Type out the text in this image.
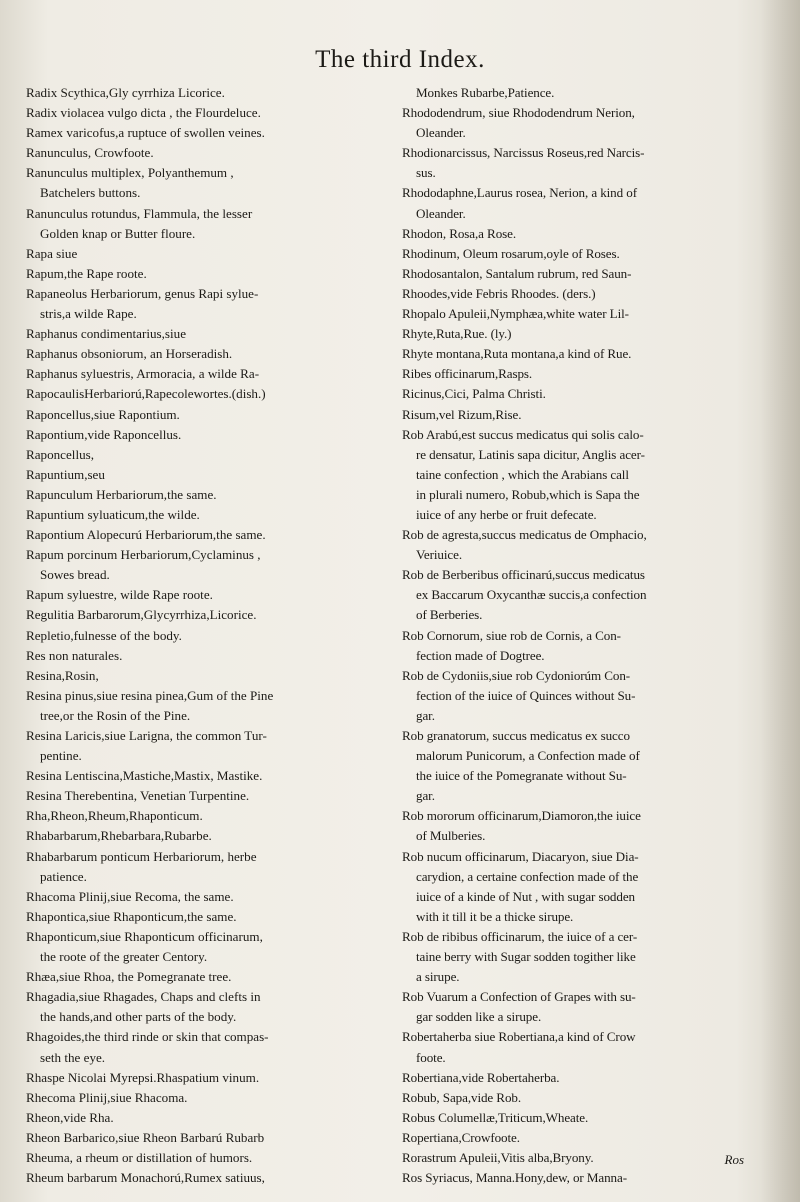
The third Index.
Radix Scythica,Gly cyrrhiza Licorice.
Radix violacea vulgo dicta , the Flourdeluce.
Ramex varicofus,a ruptuce of swollen veines.
Ranunculus, Crowfoote.
Ranunculus multiplex, Polyanthemum ,
Batchelers buttons.
Ranunculus rotundus, Flammula, the lesser
Golden knap or Butter floure.
Rapa siue
Rapum,the Rape roote.
Rapaneolus Herbariorum, genus Rapi sylue-
stris,a wilde Rape.
Raphanus condimentarius,siue
Raphanus obsoniorum, an Horseradish.
Raphanus syluestris, Armoracia, a wilde Ra-
RapocaulisHerbariorú,Rapecolewortes.(dish.)
Raponcellus,siue Rapontium.
Rapontium,vide Raponcellus.
Raponcellus,
Rapuntium,seu
Rapunculum Herbariorum,the same.
Rapuntium syluaticum,the wilde.
Rapontium Alopecurú Herbariorum,the same.
Rapum porcinum Herbariorum,Cyclaminus ,
Sowes bread.
Rapum syluestre, wilde Rape roote.
Regulitia Barbarorum,Glycyrrhiza,Licorice.
Repletio,fulnesse of the body.
Res non naturales.
Resina,Rosin,
Resina pinus,siue resina pinea,Gum of the Pine
tree,or the Rosin of the Pine.
Resina Laricis,siue Larigna, the common Tur-
pentine.
Resina Lentiscina,Mastiche,Mastix, Mastike.
Resina Therebentina, Venetian Turpentine.
Rha,Rheon,Rheum,Rhaponticum.
Rhabarbarum,Rhebarbara,Rubarbe.
Rhabarbarum ponticum Herbariorum, herbe
patience.
Rhacoma Plinij,siue Recoma, the same.
Rhapontica,siue Rhaponticum,the same.
Rhaponticum,siue Rhaponticum officinarum,
the roote of the greater Centory.
Rhæa,siue Rhoa, the Pomegranate tree.
Rhagadia,siue Rhagades, Chaps and clefts in
the hands,and other parts of the body.
Rhagoides,the third rinde or skin that compas-
seth the eye.
Rhaspe Nicolai Myrepsi.Rhaspatium vinum.
Rhecoma Plinij,siue Rhacoma.
Rheon,vide Rha.
Rheon Barbarico,siue Rheon Barbarú Rubarb
Rheuma, a rheum or distillation of humors.
Rheum barbarum Monachorú,Rumex satiuus,
Monkes Rubarbe,Patience.
Rhododendrum, siue Rhododendrum Nerion,
Oleander.
Rhodionarcissus, Narcissus Roseus,red Narcis-
sus.
Rhododaphne,Laurus rosea, Nerion, a kind of
Oleander.
Rhodon, Rosa,a Rose.
Rhodinum, Oleum rosarum,oyle of Roses.
Rhodosantalon, Santalum rubrum, red Saun-
Rhoodes,vide Febris Rhoodes. (ders.)
Rhopalo Apuleii,Nymphæa,white water Lil-
Rhyte,Ruta,Rue. (ly.)
Rhyte montana,Ruta montana,a kind of Rue.
Ribes officinarum,Rasps.
Ricinus,Cici, Palma Christi.
Risum,vel Rizum,Rise.
Rob Arabú,est succus medicatus qui solis calo-
re densatur, Latinis sapa dicitur, Anglis acer-
taine confection , which the Arabians call
in plurali numero, Robub,which is Sapa the
iuice of any herbe or fruit defecate.
Rob de agresta,succus medicatus de Omphacio,
Veriuice.
Rob de Berberibus officinarú,succus medicatus
ex Baccarum Oxycanthæ succis,a confection
of Berberies.
Rob Cornorum, siue rob de Cornis, a Con-
fection made of Dogtree.
Rob de Cydoniis,siue rob Cydoniorúm Con-
fection of the iuice of Quinces without Su-
gar.
Rob granatorum, succus medicatus ex succo
malorum Punicorum, a Confection made of
the iuice of the Pomegranate without Su-
gar.
Rob mororum officinarum,Diamoron,the iuice
of Mulberies.
Rob nucum officinarum, Diacaryon, siue Dia-
carydion, a certaine confection made of the
iuice of a kinde of Nut , with sugar sodden
with it till it be a thicke sirupe.
Rob de ribibus officinarum, the iuice of a cer-
taine berry with Sugar sodden togither like
a sirupe.
Rob Vuarum a Confection of Grapes with su-
gar sodden like a sirupe.
Robertaherba siue Robertiana,a kind of Crow
foote.
Robertiana,vide Robertaherba.
Robub, Sapa,vide Rob.
Robus Columellæ,Triticum,Wheate.
Ropertiana,Crowfoote.
Rorastrum Apuleii,Vitis alba,Bryony.
Ros Syriacus, Manna.Hony,dew, or Manna-
Ros
